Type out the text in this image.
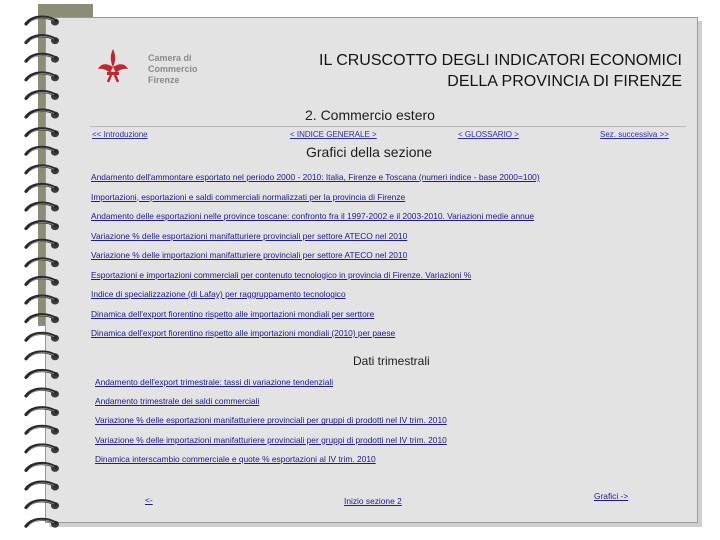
Camera di Commercio
Firenze
IL CRUSCOTTO DEGLI INDICATORI ECONOMICI
DELLA PROVINCIA DI FIRENZE
2. Commercio estero
<< Introduzione	< INDICE GENERALE >	< GLOSSARIO >	Sez. successiva >>
Grafici della sezione
Andamento dell'ammontare esportato nel periodo 2000 - 2010: Italia, Firenze e Toscana (numeri indice - base 2000=100)
Importazioni, esportazioni e saldi commerciali normalizzati per la provincia di Firenze
Andamento delle esportazioni nelle province toscane: confronto fra il 1997-2002 e il 2003-2010. Variazioni medie annue
Variazione % delle esportazioni manifatturiere provinciali per settore ATECO nel 2010
Variazione % delle importazioni manifatturiere provinciali per settore ATECO nel 2010
Esportazioni e importazioni commerciali per contenuto tecnologico in provincia di Firenze. Variazioni %
Indice di specializzazione (di Lafay) per raggruppamento tecnologico
Dinamica dell'export fiorentino rispetto alle importazioni mondiali per serttore
Dinamica dell'export fiorentino rispetto alle importazioni mondiali (2010) per paese
Dati trimestrali
Andamento dell'export trimestrale: tassi di variazione tendenziali
Andamento trimestrale dei saldi commerciali
Variazione % delle esportazioni manifatturiere provinciali per gruppi di prodotti nel IV trim. 2010
Variazione % delle importazioni manifatturiere provinciali per gruppi di prodotti nel IV trim. 2010
Dinamica interscambio commerciale e quote % esportazioni al IV trim. 2010
<-	Inizio sezione 2	Grafici ->
